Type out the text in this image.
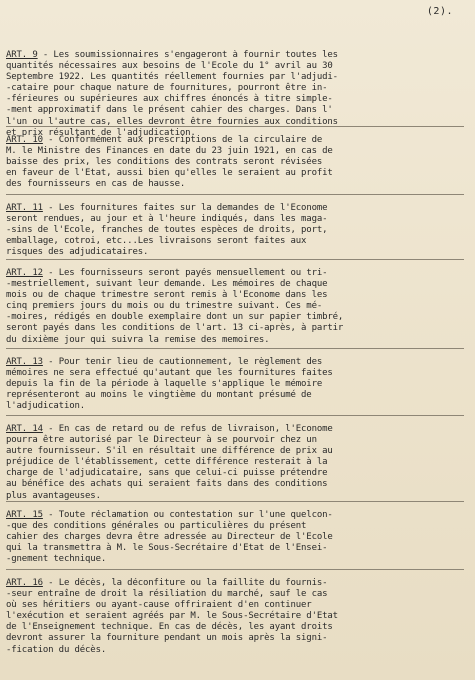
(2).
ART. 9 - Les soumissionnaires s'engageront à fournir toutes les
quantités nécessaires aux besoins de l'Ecole du 1° avril au 30
Septembre 1922. Les quantités réellement fournies par l'adjudi-
-cataire pour chaque nature de fournitures, pourront être in-
-férieures ou supérieures aux chiffres énoncés à titre simple-
-ment approximatif dans le présent cahier des charges. Dans l'
l'un ou l'autre cas, elles devront être fournies aux conditions
et prix résultant de l'adjudication.
ART. 10 - Conformément aux prescriptions de la circulaire de
M. le Ministre des Finances en date du 23 juin 1921, en cas de
baisse des prix, les conditions des contrats seront révisées
en faveur de l'Etat, aussi bien qu'elles le seraient au profit
des fournisseurs en cas de hausse.
ART. 11 - Les fournitures faites sur la demandes de l'Econome
seront rendues, au jour et à l'heure indiqués, dans les maga-
-sins de l'Ecole, franches de toutes espèces de droits, port,
emballage, cotroi, etc...Les livraisons seront faites aux
risques des adjudicataires.
ART. 12 - Les fournisseurs seront payés mensuellement ou tri-
-mestriellement, suivant leur demande. Les mémoires de chaque
mois ou de chaque trimestre seront remis à l'Econome dans les
cinq premiers jours du mois ou du trimestre suivant. Ces mé-
-moires, rédigés en double exemplaire dont un sur papier timbré,
seront payés dans les conditions de l'art. 13 ci-après, à partir
du dixième jour qui suivra la remise des memoires.
ART. 13 - Pour tenir lieu de cautionnement, le règlement des
mémoires ne sera effectué qu'autant que les fournitures faites
depuis la fin de la période à laquelle s'applique le mémoire
représenteront au moins le vingtième du montant présumé de
l'adjudication.
ART. 14 - En cas de retard ou de refus de livraison, l'Econome
pourra être autorisé par le Directeur à se pourvoir chez un
autre fournisseur. S'il en résultait une différence de prix au
préjudice de l'établissement, cette différence resterait à la
charge de l'adjudicataire, sans que celui-ci puisse prétendre
au bénéfice des achats qui seraient faits dans des conditions
plus avantageuses.
ART. 15 - Toute réclamation ou contestation sur l'une quelcon-
-que des conditions générales ou particulières du présent
cahier des charges devra être adressée au Directeur de l'Ecole
qui la transmettra à M. le Sous-Secrétaire d'Etat de l'Ensei-
-gnement technique.
ART. 16 - Le décès, la déconfiture ou la faillite du fournis-
-seur entraîne de droit la résiliation du marché, sauf le cas
où ses héritiers ou ayant-cause offriraient d'en continuer
l'exécution et seraient agréés par M. le Sous-Secrétaire d'Etat
de l'Enseignement technique. En cas de décès, les ayant droits
devront assurer la fourniture pendant un mois après la signi-
-fication du décès.
